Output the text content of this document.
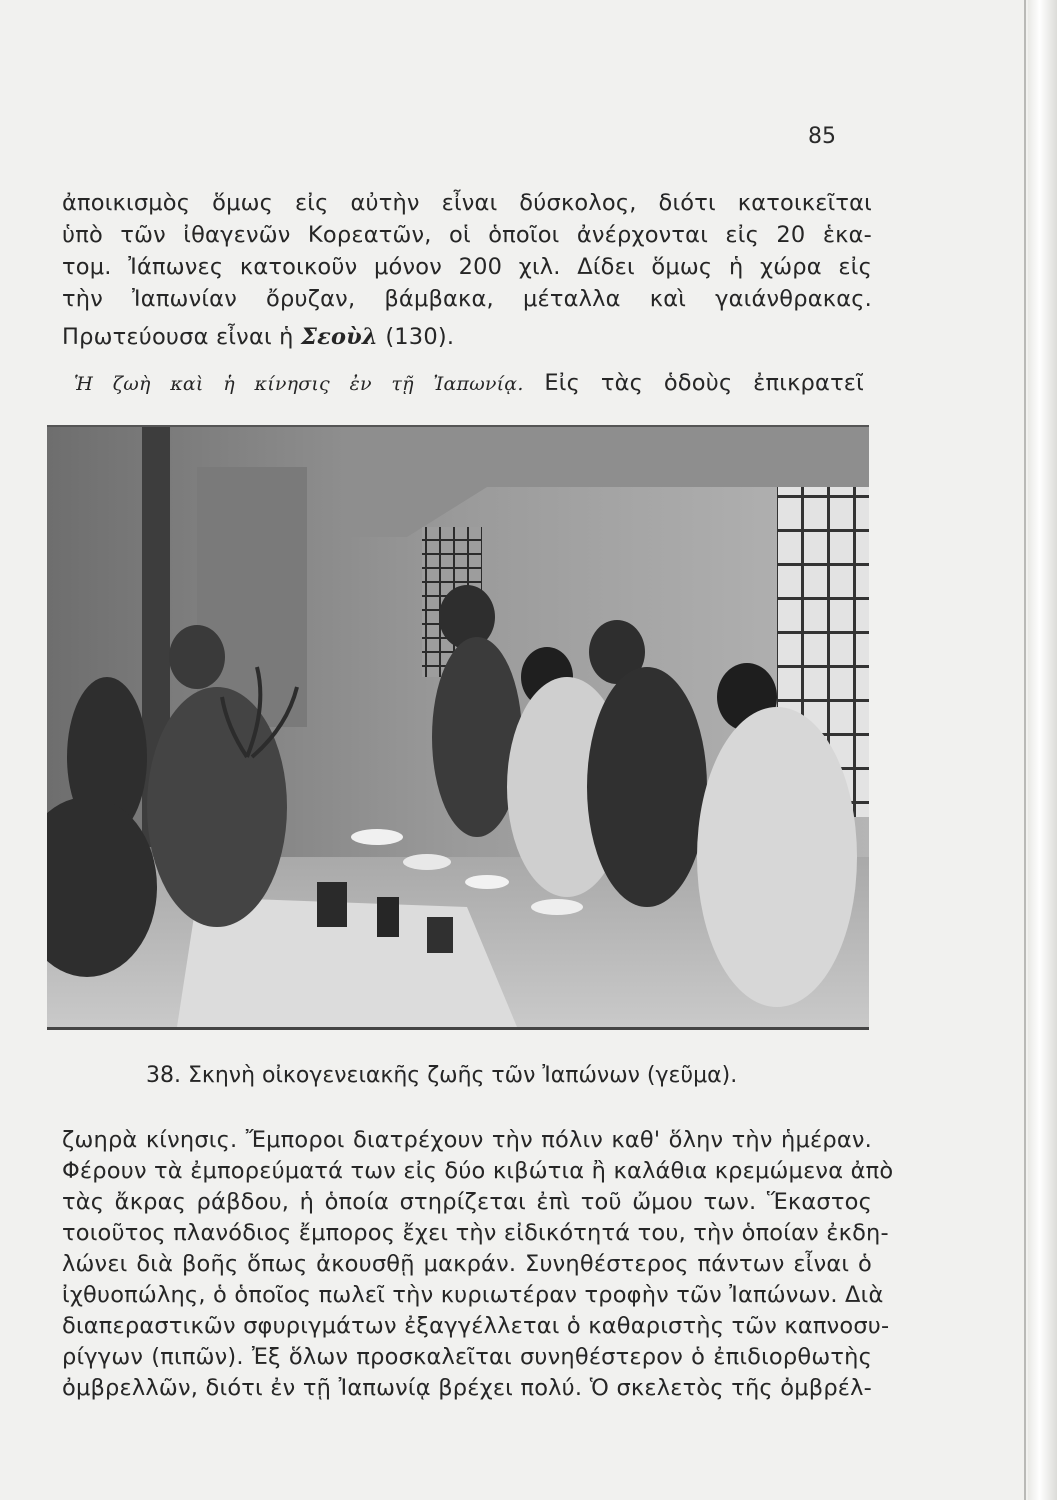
85
ἀποικισμὸς ὅμως εἰς αὐτὴν εἶναι δύσκολος, διότι κατοικεῖται
ὑπὸ τῶν ἰθαγενῶν Κορεατῶν, οἱ ὁποῖοι ἀνέρχονται εἰς 20 ἑκα-
τομ. Ἰάπωνες κατοικοῦν μόνον 200 χιλ. Δίδει ὅμως ἡ χώρα εἰς
τὴν Ἰαπωνίαν ὄρυζαν, βάμβακα, μέταλλα καὶ γαιάνθρακας.
Πρωτεύουσα εἶναι ἡ Σεοὺλ (130).
Ἡ ζωὴ καὶ ἡ κίνησις ἐν τῇ Ἰαπωνίᾳ. Εἰς τὰς ὁδοὺς ἐπικρατεῖ
38. Σκηνὴ οἰκογενειακῆς ζωῆς τῶν Ἰαπώνων (γεῦμα).
ζωηρὰ κίνησις. Ἔμποροι διατρέχουν τὴν πόλιν καθ' ὅλην τὴν ἡμέραν.
Φέρουν τὰ ἐμπορεύματά των εἰς δύο κιβώτια ἢ καλάθια κρεμώμενα ἀπὸ
τὰς ἄκρας ράβδου, ἡ ὁποία στηρίζεται ἐπὶ τοῦ ὤμου των. Ἕκαστος
τοιοῦτος πλανόδιος ἔμπορος ἔχει τὴν εἰδικότητά του, τὴν ὁποίαν ἐκδη-
λώνει διὰ βοῆς ὅπως ἀκουσθῇ μακράν. Συνηθέστερος πάντων εἶναι ὁ
ἰχθυοπώλης, ὁ ὁποῖος πωλεῖ τὴν κυριωτέραν τροφὴν τῶν Ἰαπώνων. Διὰ
διαπεραστικῶν σφυριγμάτων ἐξαγγέλλεται ὁ καθαριστὴς τῶν καπνοσυ-
ρίγγων (πιπῶν). Ἐξ ὅλων προσκαλεῖται συνηθέστερον ὁ ἐπιδιορθωτὴς
ὀμβρελλῶν, διότι ἐν τῇ Ἰαπωνίᾳ βρέχει πολύ. Ὁ σκελετὸς τῆς ὀμβρέλ-
